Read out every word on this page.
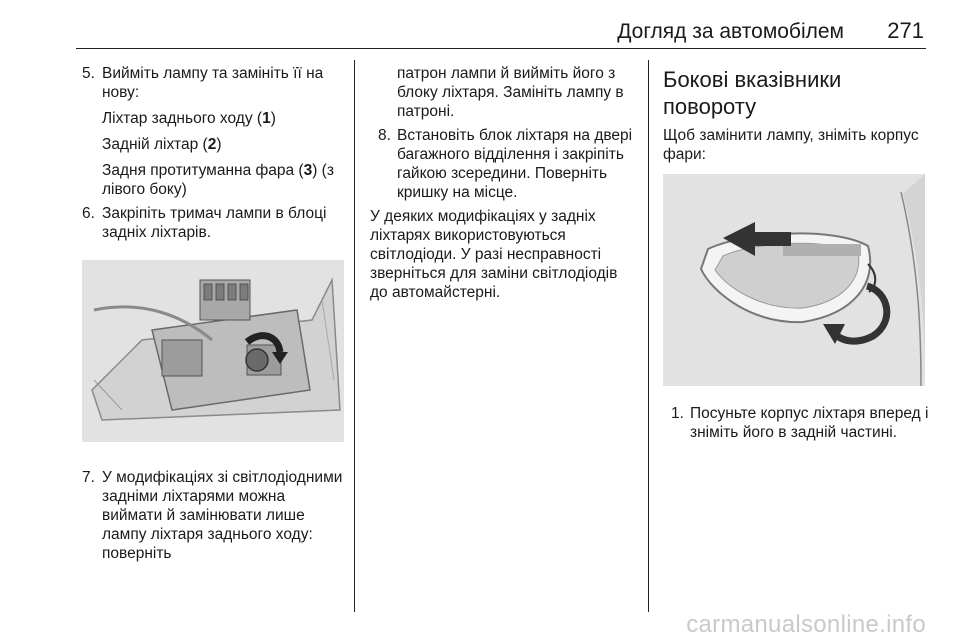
Догляд за автомобілем 271
5. Вийміть лампу та замініть її на нову:

Ліхтар заднього ходу (1)

Задній ліхтар (2)

Задня протитуманна фара (3) (з лівого боку)

6. Закріпіть тримач лампи в блоці задніх ліхтарів.

7. У модифікаціях зі світлодіодними задніми ліхтарями можна виймати й замінювати лише лампу ліхтаря заднього ходу: поверніть

патрон лампи й вийміть його з блоку ліхтаря. Замініть лампу в патроні.

8. Встановіть блок ліхтаря на двері багажного відділення і закріпіть гайкою зсередини. Поверніть кришку на місце.

У деяких модифікаціях у задніх ліхтарях використовуються світлодіоди. У разі несправності зверніться для заміни світлодіодів до автомайстерні.

Бокові вказівники
повороту

Щоб замінити лампу, зніміть корпус фари:

1. Посуньте корпус ліхтаря вперед і зніміть його в задній частині.

carmanualsonline.info
